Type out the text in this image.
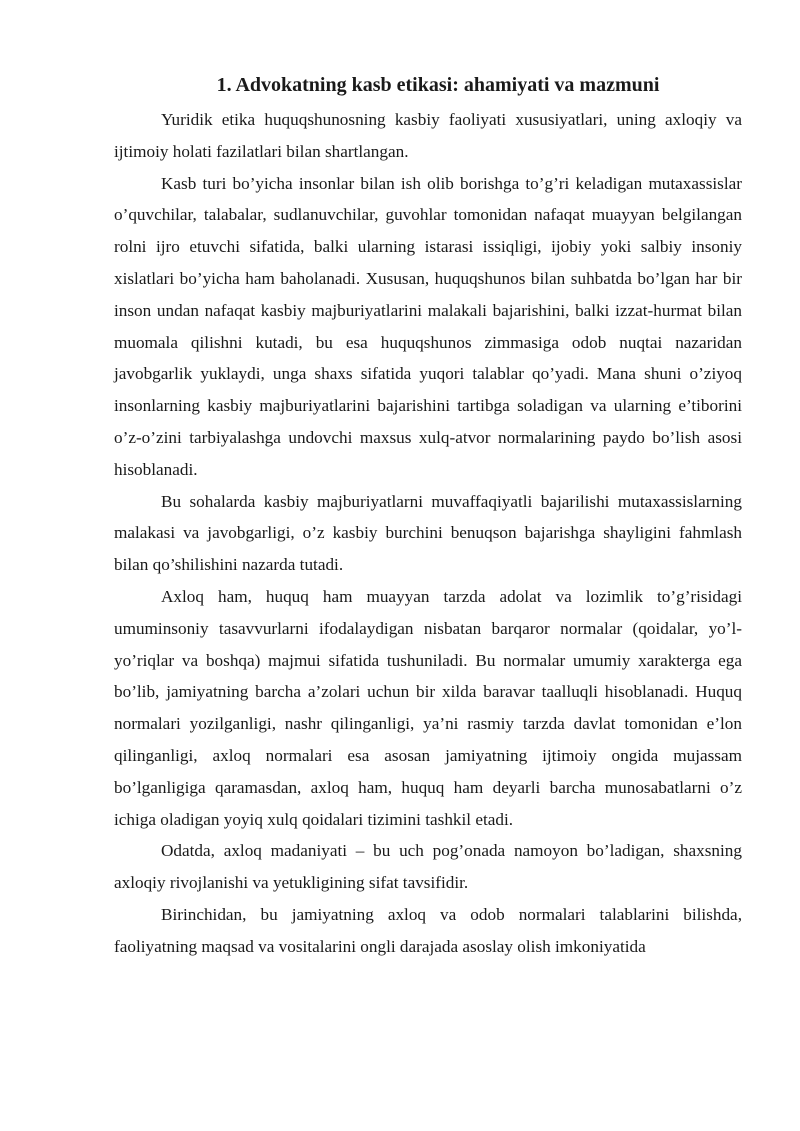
1. Advokatning kasb etikasi: ahamiyati va mazmuni

Yuridik etika huquqshunosning kasbiy faoliyati xususiyatlari, uning axloqiy va ijtimoiy holati fazilatlari bilan shartlangan.

Kasb turi bo’yicha insonlar bilan ish olib borishga to’g’ri keladigan mutaxassislar o’quvchilar, talabalar, sudlanuvchilar, guvohlar tomonidan nafaqat muayyan belgilangan rolni ijro etuvchi sifatida, balki ularning istarasi issiqligi, ijobiy yoki salbiy insoniy xislatlari bo’yicha ham baholanadi. Xususan, huquqshunos bilan suhbatda bo’lgan har bir inson undan nafaqat kasbiy majburiyatlarini malakali bajarishini, balki izzat-hurmat bilan muomala qilishni kutadi, bu esa huquqshunos zimmasiga odob nuqtai nazaridan javobgarlik yuklaydi, unga shaxs sifatida yuqori talablar qo’yadi. Mana shuni o’ziyoq insonlarning kasbiy majburiyatlarini bajarishini tartibga soladigan va ularning e’tiborini o’z-o’zini tarbiyalashga undovchi maxsus xulq-atvor normalarining paydo bo’lish asosi hisoblanadi.

Bu sohalarda kasbiy majburiyatlarni muvaffaqiyatli bajarilishi mutaxassislarning malakasi va javobgarligi, o’z kasbiy burchini benuqson bajarishga shayligini fahmlash bilan qo’shilishini nazarda tutadi.

Axloq ham, huquq ham muayyan tarzda adolat va lozimlik to’g’risidagi umuminsoniy tasavvurlarni ifodalaydigan nisbatan barqaror normalar (qoidalar, yo’l-yo’riqlar va boshqa) majmui sifatida tushuniladi. Bu normalar umumiy xarakterga ega bo’lib, jamiyatning barcha a’zolari uchun bir xilda baravar taalluqli hisoblanadi. Huquq normalari yozilganligi, nashr qilinganligi, ya’ni rasmiy tarzda davlat tomonidan e’lon qilinganligi, axloq normalari esa asosan jamiyatning ijtimoiy ongida mujassam bo’lganligiga qaramasdan, axloq ham, huquq ham deyarli barcha munosabatlarni o’z ichiga oladigan yoyiq xulq qoidalari tizimini tashkil etadi.

Odatda, axloq madaniyati – bu uch pog’onada namoyon bo’ladigan, shaxsning axloqiy rivojlanishi va yetukligining sifat tavsifidir.

Birinchidan, bu jamiyatning axloq va odob normalari talablarini bilishda, faoliyatning maqsad va vositalarini ongli darajada asoslay olish imkoniyatida
